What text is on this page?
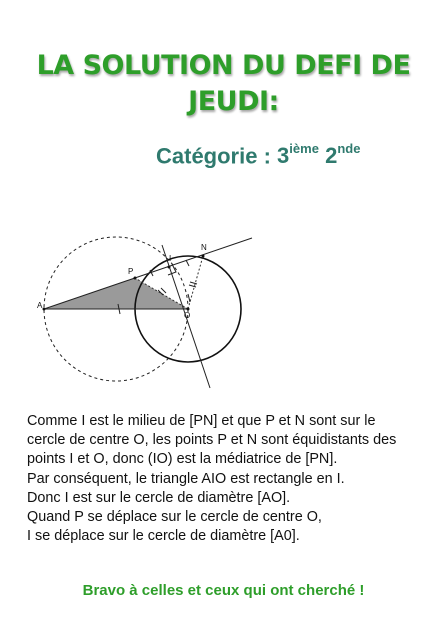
LA SOLUTION DU DEFI DE
JEUDI:
Catégorie : 3ième 2nde
A
P
I
N
O
Comme I est le milieu de [PN] et que P et N sont sur le
cercle de centre O, les points P et N sont équidistants des
points I et O, donc (IO) est la médiatrice de [PN].
Par conséquent, le triangle AIO est rectangle en I.
Donc I est sur le cercle de diamètre [AO].
Quand P se déplace sur le cercle de centre O,
I se déplace sur le cercle de diamètre [A0].
Bravo à celles et ceux qui ont cherché !
